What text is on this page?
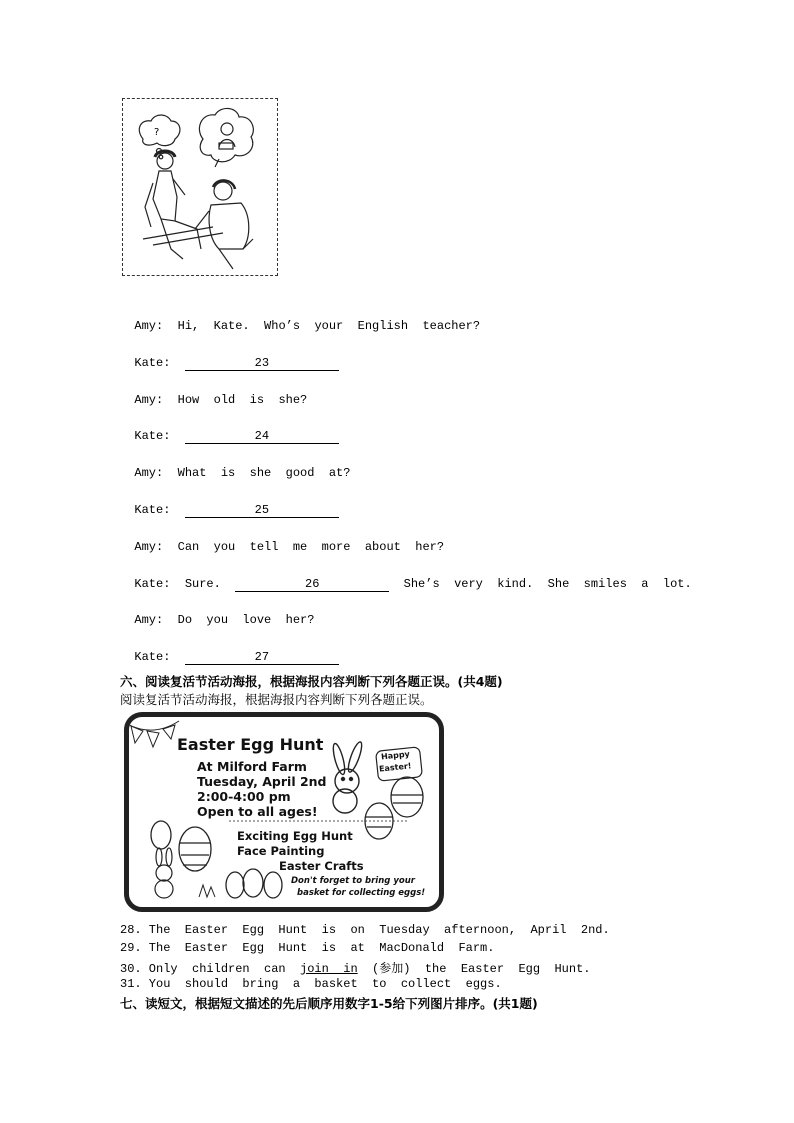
?

Amy: Hi,  Kate.  Who’s  your  English  teacher?

Kate:	23

Amy: How  old  is  she?

Kate:	24

Amy: What  is  she  good  at?

Kate:	25

Amy: Can  you  tell  me  more  about  her?

Kate: Sure.	26	She’s  very  kind.  She  smiles  a  lot.

Amy: Do  you  love  her?

Kate:	27

六、阅读复活节活动海报，根据海报内容判断下列各题正误。(共4题)
阅读复活节活动海报，根据海报内容判断下列各题正误。
Easter Egg Hunt
At Milford Farm
Tuesday, April 2nd
2:00-4:00 pm
Open to all ages!
Exciting Egg Hunt
Face Painting
Easter Crafts
Don't forget to bring your
basket for collecting eggs!
Happy
Easter!
28. The  Easter  Egg  Hunt  is  on  Tuesday  afternoon,  April  2nd.
29. The  Easter  Egg  Hunt  is  at  MacDonald  Farm.
30. Only  children  can  join  in  (参加)  the  Easter  Egg  Hunt.
31. You  should  bring  a  basket  to  collect  eggs.
七、读短文，根据短文描述的先后顺序用数字1-5给下列图片排序。(共1题)
